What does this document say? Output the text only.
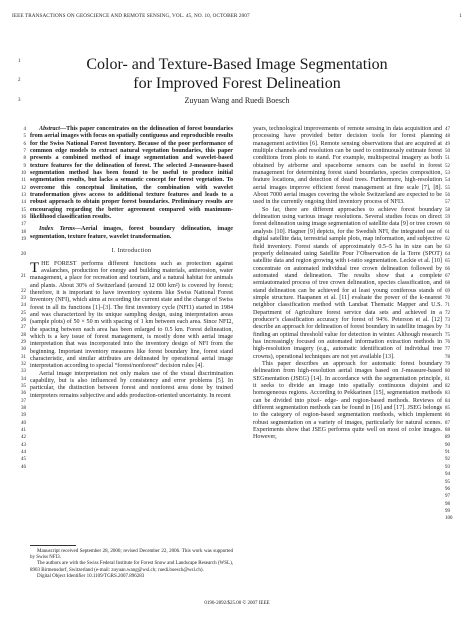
IEEE TRANSACTIONS ON GEOSCIENCE AND REMOTE SENSING, VOL. 45, NO. 10, OCTOBER 2007	1
1
2
3
Color- and Texture-Based Image Segmentation
for Improved Forest Delineation
Zuyuan Wang and Ruedi Boesch
4
5
6
7
8
9
10
11
12
13
14
15
16
17
18
19

20

21

22
23
24
25
26
27
28
29
30
31
32
33
34
35
36
37
38
39
40
41
42
43
44
45
46

Abstract—This paper concentrates on the delineation of forest boundaries from aerial images with focus on spatially contiguous and reproducible results for the Swiss National Forest Inventory. Because of the poor performance of common edge models to extract natural vegetation boundaries, this paper presents a combined method of image segmentation and wavelet-based texture features for the delineation of forest. The selected J-measure-based segmentation method has been found to be useful to produce initial segmentation results, but lacks a semantic concept for forest vegetation. To overcome this conceptual limitation, the combination with wavelet transformation gives access to additional texture features and leads to a robust approach to obtain proper forest boundaries. Preliminary results are encouraging regarding the better agreement compared with maximum-likelihood classification results.

Index Terms—Aerial images, forest boundary delineation, image segmentation, texture feature, wavelet transformation.

I. Introduction

THE FOREST performs different functions such as protection against avalanches, production for energy and building materials, antierosion, water management, a place for recreation and tourism, and a natural habitat for animals and plants. About 30% of Switzerland (around 12 000 km²) is covered by forest; therefore, it is important to have inventory systems like Swiss National Forest Inventory (NFI), which aims at recording the current state and the change of Swiss forest in all its functions [1]–[3]. The first inventory cycle (NFI1) started in 1984 and was characterized by its unique sampling design, using interpretation areas (sample plots) of 50 × 50 m with spacing of 1 km between each area. Since NFI2, the spacing between each area has been enlarged to 0.5 km. Forest delineation, which is a key issue of forest management, is mostly done with aerial image interpretation that was incorporated into the inventory design of NFI from the beginning. Important inventory measures like forest boundary line, forest stand characteristic, and similar attributes are delineated by operational aerial image interpretation according to special “forest/nonforest” decision rules [4].

Aerial image interpretation not only makes use of the visual discrimination capability, but is also influenced by consistency and error problems [5]. In particular, the distinction between forest and nonforest area done by trained interpreters remains subjective and adds production-oriented uncertainty. In recent

Manuscript received September 28, 2006; revised December 22, 2006. This work was supported by Swiss NFI3.

The authors are with the Swiss Federal Institute for Forest Snow and Landscape Research (WSL), 8903 Birmensdorf, Switzerland (e-mail: zuyuan.wang@wsl.ch; ruedi.boesch@wsl.ch).

Digital Object Identifier 10.1109/TGRS.2007.896283

47
48
49
50
51
52
53
54
55
56
57
58
59
60
61
62
63
64
65
66
67
68
69
70
71
72
73
74
75
76
77
78
79
80
81
82
83
84
85
86
87
88
89
90
91
92
93
94
95
96
97
98
99
100

years, technological improvements of remote sensing in data acquisition and processing have provided better decision tools for forest planning management activities [6]. Remote sensing observations that are acquired at multiple channels and resolution can be used to continuously estimate forest conditions from plots to stand. For example, multispectral imagery as both obtained by airborne and spaceborne sensors can be useful in forest management for determining forest stand boundaries, species composition, feature locations, and detection of dead trees. Furthermore, high-resolution aerial images improve efficient forest management at fine scale [7], [8]. About 7000 aerial images covering the whole Switzerland are expected to be used in the currently ongoing third inventory process of NFI3.

So far, there are different approaches to achieve forest boundary delineation using various image resolutions. Several studies focus on direct forest delineation using image segmentation of satellite data [9] or tree crown analysis [10]. Hagner [9] depicts, for the Swedish NFI, the integrated use of digital satellite data, terrestrial sample plots, map information, and subjective field inventory. Forest stands of approximately 0.5–5 ha in size can be properly delineated using Satellite Pour l’Observation de la Terre (SPOT) satellite data and region growing with t-ratio segmentation. Leckie et al. [10] concentrate on automated individual tree crown delineation followed by automated stand delineation. The results show that a complete semiautomated process of tree crown delineation, species classification, and stand delineation can be achieved for at least young coniferous stands of simple structure. Haapanen et al. [11] evaluate the power of the k-nearest neighbor classification method with Landsat Thematic Mapper and U.S. Department of Agriculture forest service data sets and achieved in a producer’s classification accuracy for forest of 94%. Peterson et al. [12] describe an approach for delineation of forest boundary in satellite images by finding an optimal threshold value for detection in winter. Although research has increasingly focused on automated information extraction methods in high-resolution imagery (e.g., automatic identification of individual tree crowns), operational techniques are not yet available [13].

This paper describes an approach for automatic forest boundary delineation from high-resolution aerial images based on J-measure-based SEGmentation (JSEG) [14]. In accordance with the segmentation principle, it seeks to divide an image into spatially continuous disjoint and homogeneous regions. According to Pekkarinen [15], segmentation methods can be divided into pixel- edge- and region-based methods. Reviews of different segmentation methods can be found in [16] and [17]. JSEG belongs to the category of region-based segmentation methods, which implement robust segmentation on a variety of images, particularly for natural scenes. Experiments show that JSEG performs quite well on most of color images. However,

0196-2892/$25.00 © 2007 IEEE
